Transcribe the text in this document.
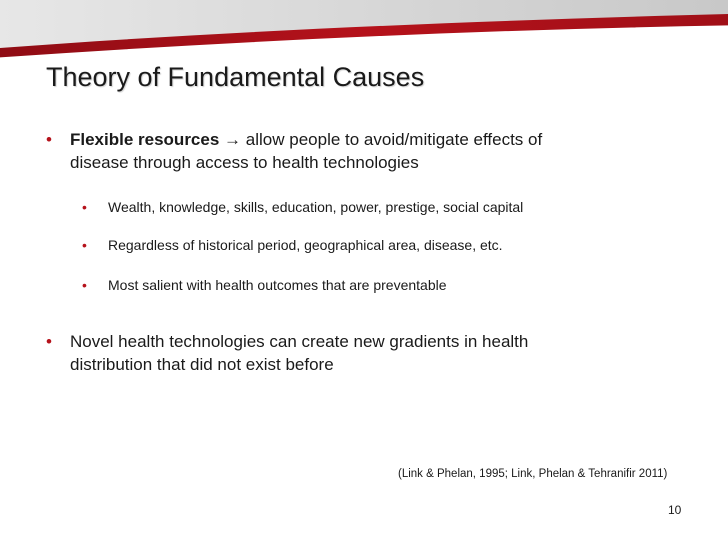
Theory of Fundamental Causes
• Flexible resources → allow people to avoid/mitigate effects of
disease through access to health technologies
• Wealth, knowledge, skills, education, power, prestige, social capital
• Regardless of historical period, geographical area, disease, etc.
• Most salient with health outcomes that are preventable
• Novel health technologies can create new gradients in health
distribution that did not exist before
(Link & Phelan, 1995; Link, Phelan & Tehranifir 2011)
10
